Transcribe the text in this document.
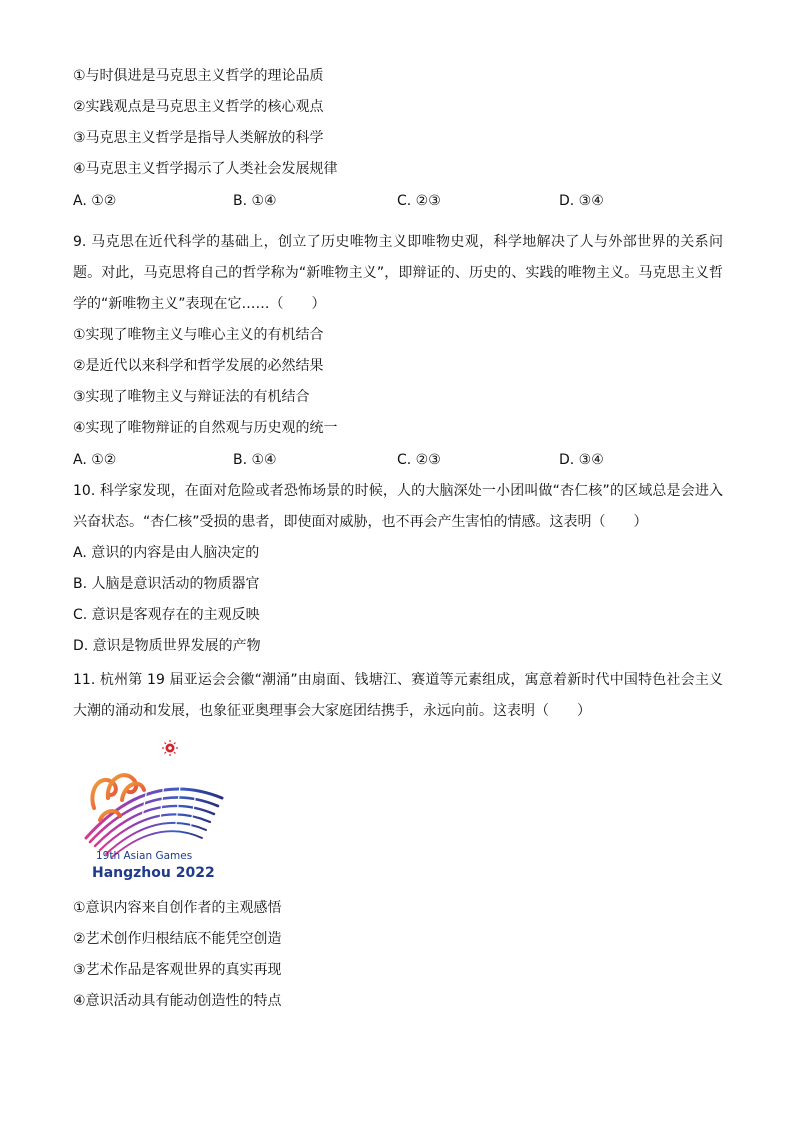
①与时俱进是马克思主义哲学的理论品质
②实践观点是马克思主义哲学的核心观点
③马克思主义哲学是指导人类解放的科学
④马克思主义哲学揭示了人类社会发展规律
A. ①②	B. ①④	C. ②③	D. ③④
9. 马克思在近代科学的基础上，创立了历史唯物主义即唯物史观，科学地解决了人与外部世界的关系问题。对此，马克思将自己的哲学称为“新唯物主义”，即辩证的、历史的、实践的唯物主义。马克思主义哲学的“新唯物主义”表现在它……（　　）
①实现了唯物主义与唯心主义的有机结合
②是近代以来科学和哲学发展的必然结果
③实现了唯物主义与辩证法的有机结合
④实现了唯物辩证的自然观与历史观的统一
A. ①②	B. ①④	C. ②③	D. ③④
10. 科学家发现，在面对危险或者恐怖场景的时候，人的大脑深处一小团叫做“杏仁核”的区域总是会进入兴奋状态。“杏仁核”受损的患者，即使面对威胁，也不再会产生害怕的情感。这表明（　　）
A. 意识的内容是由人脑决定的
B. 人脑是意识活动的物质器官
C. 意识是客观存在的主观反映
D. 意识是物质世界发展的产物
11. 杭州第 19 届亚运会会徽“潮涌”由扇面、钱塘江、赛道等元素组成，寓意着新时代中国特色社会主义大潮的涌动和发展，也象征亚奥理事会大家庭团结携手，永远向前。这表明（　　）
19th Asian Games
Hangzhou 2022
①意识内容来自创作者的主观感悟
②艺术创作归根结底不能凭空创造
③艺术作品是客观世界的真实再现
④意识活动具有能动创造性的特点
